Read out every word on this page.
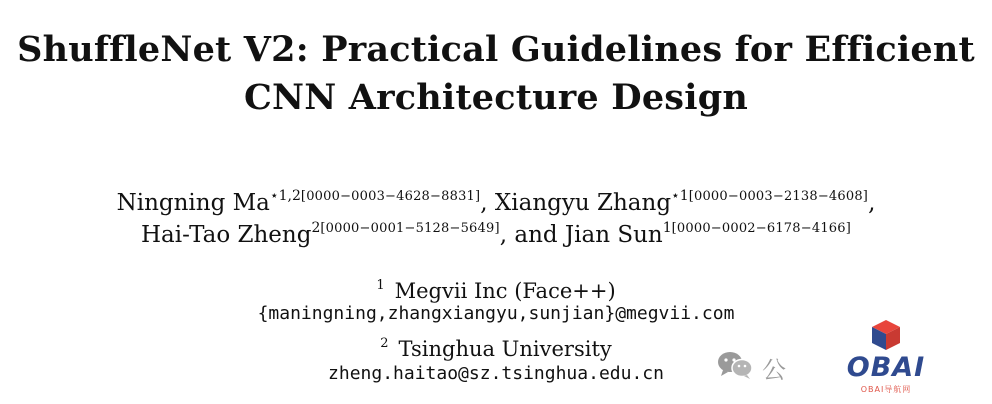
ShuffleNet V2: Practical Guidelines for Efficient
CNN Architecture Design
Ningning $Ma^{⋆1,2[0000-0003-4628-8831]}$, Xiangyu Zhang$^{⋆1[0000-0003-2138-4608]}$,
Hai-Tao Zheng$^{2[0000-0001-5128-5649]}$, and Jian Sun$^{1[0000-0002-6178-4166]}$
$^1$ Megvii Inc (Face++)
{maningning,zhangxiangyu,sunjian}@megvii.com
$^2$ Tsinghua University
zheng.haitao@sz.tsinghua.edu.cn	公	OBAI
OBAI导航网
